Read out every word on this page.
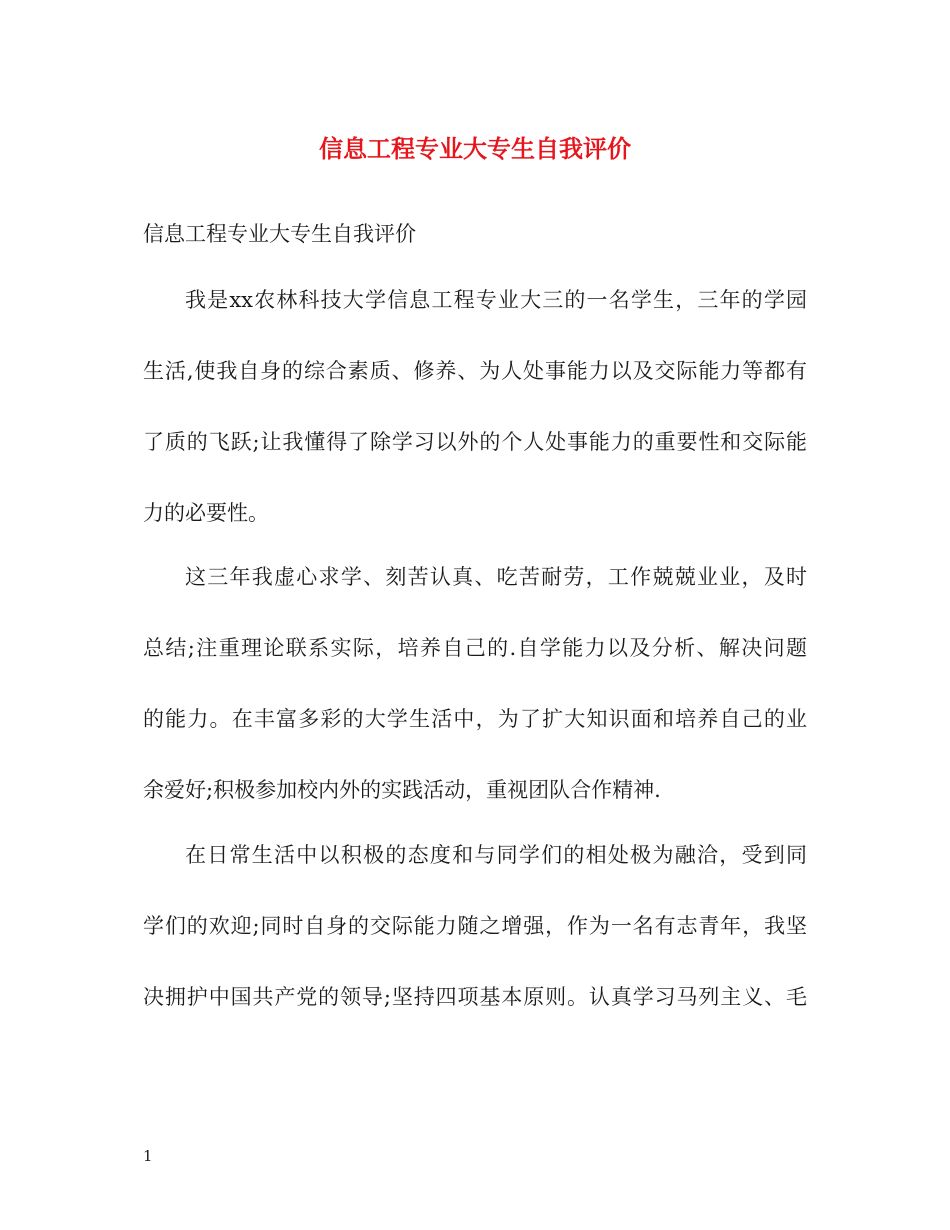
信息工程专业大专生自我评价
信息工程专业大专生自我评价
我是xx农林科技大学信息工程专业大三的一名学生，三年的学园
生活,使我自身的综合素质、修养、为人处事能力以及交际能力等都有
了质的飞跃;让我懂得了除学习以外的个人处事能力的重要性和交际能
力的必要性。
这三年我虚心求学、刻苦认真、吃苦耐劳，工作兢兢业业，及时
总结;注重理论联系实际，培养自己的.自学能力以及分析、解决问题
的能力。在丰富多彩的大学生活中，为了扩大知识面和培养自己的业
余爱好;积极参加校内外的实践活动，重视团队合作精神.
在日常生活中以积极的态度和与同学们的相处极为融洽，受到同
学们的欢迎;同时自身的交际能力随之增强，作为一名有志青年，我坚
决拥护中国共产党的领导;坚持四项基本原则。认真学习马列主义、毛
1
